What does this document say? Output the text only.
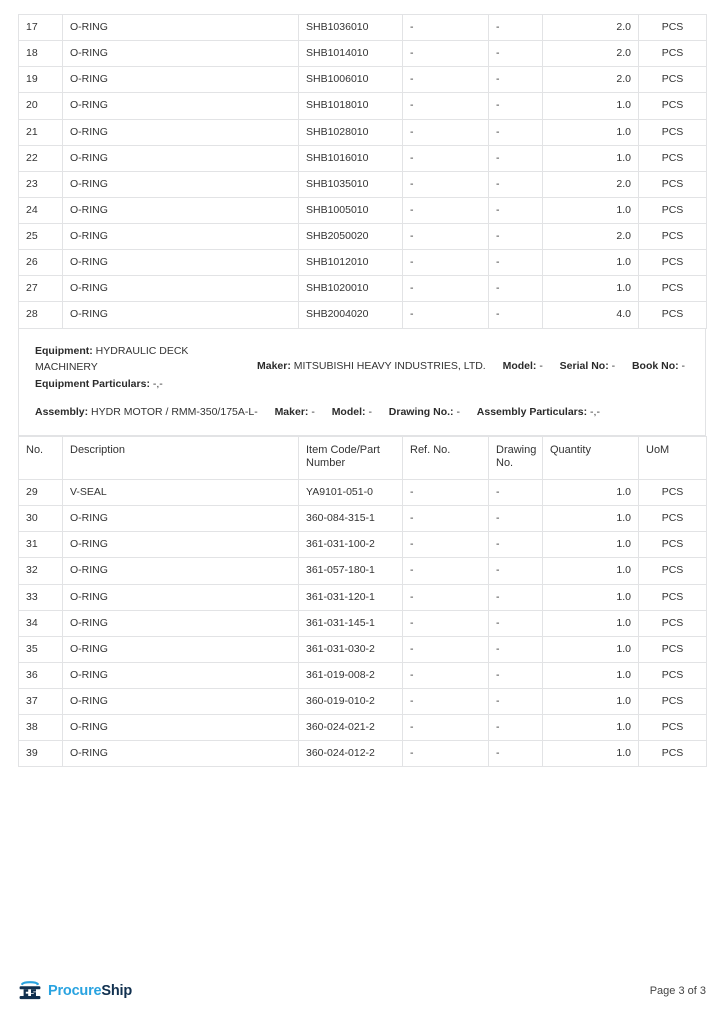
17	O-RING	SHB1036010	-	-	2.0	PCS
18	O-RING	SHB1014010	-	-	2.0	PCS
19	O-RING	SHB1006010	-	-	2.0	PCS
20	O-RING	SHB1018010	-	-	1.0	PCS
21	O-RING	SHB1028010	-	-	1.0	PCS
22	O-RING	SHB1016010	-	-	1.0	PCS
23	O-RING	SHB1035010	-	-	2.0	PCS
24	O-RING	SHB1005010	-	-	1.0	PCS
25	O-RING	SHB2050020	-	-	2.0	PCS
26	O-RING	SHB1012010	-	-	1.0	PCS
27	O-RING	SHB1020010	-	-	1.0	PCS
28	O-RING	SHB2004020	-	-	4.0	PCS
Equipment: HYDRAULIC DECK MACHINERY	Maker: MITSUBISHI HEAVY INDUSTRIES, LTD. Model: - Serial No: - Book No: -
Equipment Particulars: -,-
Assembly: HYDR MOTOR / RMM-350/175A-L- Maker: - Model: - Drawing No.: - Assembly Particulars: -,-
No.	Description	Item Code/Part Number	Ref. No.	Drawing No.	Quantity	UoM
29	V-SEAL	YA9101-051-0	-	-	1.0	PCS
30	O-RING	360-084-315-1	-	-	1.0	PCS
31	O-RING	361-031-100-2	-	-	1.0	PCS
32	O-RING	361-057-180-1	-	-	1.0	PCS
33	O-RING	361-031-120-1	-	-	1.0	PCS
34	O-RING	361-031-145-1	-	-	1.0	PCS
35	O-RING	361-031-030-2	-	-	1.0	PCS
36	O-RING	361-019-008-2	-	-	1.0	PCS
37	O-RING	360-019-010-2	-	-	1.0	PCS
38	O-RING	360-024-021-2	-	-	1.0	PCS
39	O-RING	360-024-012-2	-	-	1.0	PCS
ProcureShip	Page 3 of 3
